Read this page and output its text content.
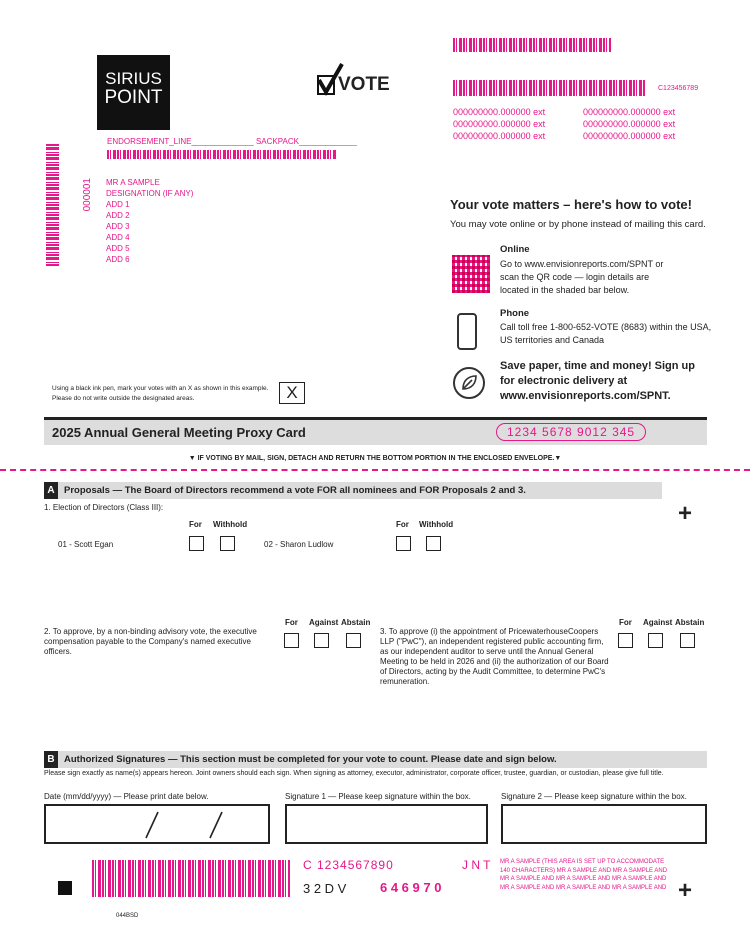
SIRIUS
POINT
VOTE	C123456789
000000000.000000 ext	000000000.000000 ext
000000000.000000 ext	000000000.000000 ext
000000000.000000 ext	000000000.000000 ext
ENDORSEMENT_LINE______________ SACKPACK_____________
000001 MR A SAMPLE
DESIGNATION (IF ANY)
ADD 1
ADD 2
ADD 3
ADD 4
ADD 5
ADD 6
Your vote matters – here's how to vote!
You may vote online or by phone instead of mailing this card.
Online
Go to www.envisionreports.com/SPNT or scan the QR code — login details are located in the shaded bar below.
Phone
Call toll free 1-800-652-VOTE (8683) within the USA, US territories and Canada
Save paper, time and money! Sign up for electronic delivery at www.envisionreports.com/SPNT.
Using a black ink pen, mark your votes with an X as shown in this example.
Please do not write outside the designated areas.	X
2025 Annual General Meeting Proxy Card	1234 5678 9012 345
▼ IF VOTING BY MAIL, SIGN, DETACH AND RETURN THE BOTTOM PORTION IN THE ENCLOSED ENVELOPE.▼
A Proposals — The Board of Directors recommend a vote FOR all nominees and FOR Proposals 2 and 3.
+
1. Election of Directors (Class III):
For Withhold
01 - Scott Egan
For Withhold
02 - Sharon Ludlow
2. To approve, by a non-binding advisory vote, the executive compensation payable to the Company's named executive officers.
For Against Abstain
3. To approve (i) the appointment of PricewaterhouseCoopers LLP ("PwC"), an independent registered public accounting firm, as our independent auditor to serve until the Annual General Meeting to be held in 2026 and (ii) the authorization of our Board of Directors, acting by the Audit Committee, to determine PwC's remuneration.
For Against Abstain
B Authorized Signatures — This section must be completed for your vote to count. Please date and sign below.
Please sign exactly as name(s) appears hereon. Joint owners should each sign. When signing as attorney, executor, administrator, corporate officer, trustee, guardian, or custodian, please give full title.
Date (mm/dd/yyyy) — Please print date below.	Signature 1 — Please keep signature within the box.	Signature 2 — Please keep signature within the box.
C 1234567890	J N T
3 2 D V	6 4 6 9 7 0
MR A SAMPLE (THIS AREA IS SET UP TO ACCOMMODATE 140 CHARACTERS) MR A SAMPLE AND MR A SAMPLE AND MR A SAMPLE AND MR A SAMPLE AND MR A SAMPLE AND MR A SAMPLE AND MR A SAMPLE AND MR A SAMPLE AND +
044BSD
